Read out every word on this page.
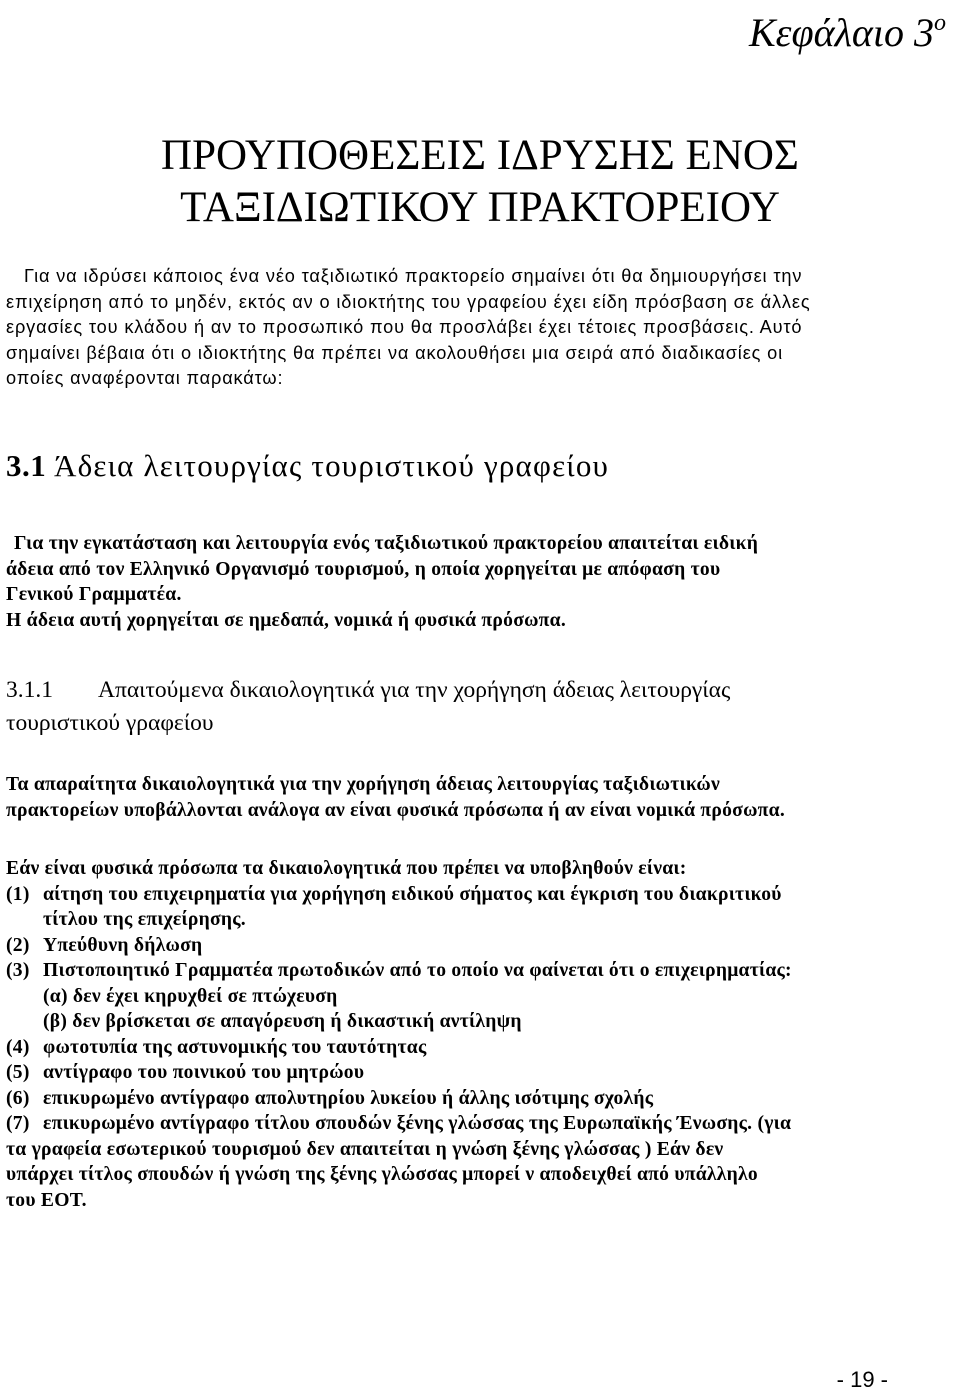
Κεφάλαιο $3^o$
ΠΡΟΥΠΟΘΕΣΕΙΣ ΙΔΡΥΣΗΣ ΕΝΟΣ
ΤΑΞΙΔΙΩΤΙΚΟΥ ΠΡΑΚΤΟΡΕΙΟΥ
Για να ιδρύσει κάποιος ένα νέο ταξιδιωτικό πρακτορείο σημαίνει ότι θα δημιουργήσει την
επιχείρηση από το μηδέν, εκτός αν ο ιδιοκτήτης του γραφείου έχει είδη πρόσβαση σε άλλες
εργασίες του κλάδου ή αν το προσωπικό που θα προσλάβει έχει τέτοιες προσβάσεις. Αυτό
σημαίνει βέβαια ότι ο ιδιοκτήτης θα πρέπει να ακολουθήσει μια σειρά από διαδικασίες οι
οποίες αναφέρονται παρακάτω:
3.1 Άδεια λειτουργίας τουριστικού γραφείου
Για την εγκατάσταση και λειτουργία ενός ταξιδιωτικού πρακτορείου απαιτείται ειδική
άδεια από τον Ελληνικό Οργανισμό τουρισμού, η οποία χορηγείται με απόφαση του
Γενικού Γραμματέα.
Η άδεια αυτή χορηγείται σε ημεδαπά, νομικά ή φυσικά πρόσωπα.
3.1.1 Απαιτούμενα δικαιολογητικά για την χορήγηση άδειας λειτουργίας
τουριστικού γραφείου
Τα απαραίτητα δικαιολογητικά για την χορήγηση άδειας λειτουργίας ταξιδιωτικών
πρακτορείων υποβάλλονται ανάλογα αν είναι φυσικά πρόσωπα ή αν είναι νομικά πρόσωπα.
Εάν είναι φυσικά πρόσωπα τα δικαιολογητικά που πρέπει να υποβληθούν είναι:
(1) αίτηση του επιχειρηματία για χορήγηση ειδικού σήματος και έγκριση του διακριτικού
τίτλου της επιχείρησης.
(2) Υπεύθυνη δήλωση
(3) Πιστοποιητικό Γραμματέα πρωτοδικών από το οποίο να φαίνεται ότι ο επιχειρηματίας:
(α) δεν έχει κηρυχθεί σε πτώχευση
(β) δεν βρίσκεται σε απαγόρευση ή δικαστική αντίληψη
(4) φωτοτυπία της αστυνομικής του ταυτότητας
(5) αντίγραφο του ποινικού του μητρώου
(6) επικυρωμένο αντίγραφο απολυτηρίου λυκείου ή άλλης ισότιμης σχολής
(7) επικυρωμένο αντίγραφο τίτλου σπουδών ξένης γλώσσας της Ευρωπαϊκής Ένωσης. (για
τα γραφεία εσωτερικού τουρισμού δεν απαιτείται η γνώση ξένης γλώσσας ) Εάν δεν
υπάρχει τίτλος σπουδών ή γνώση της ξένης γλώσσας μπορεί ν αποδειχθεί από υπάλληλο
του ΕΟΤ.
- 19 -
